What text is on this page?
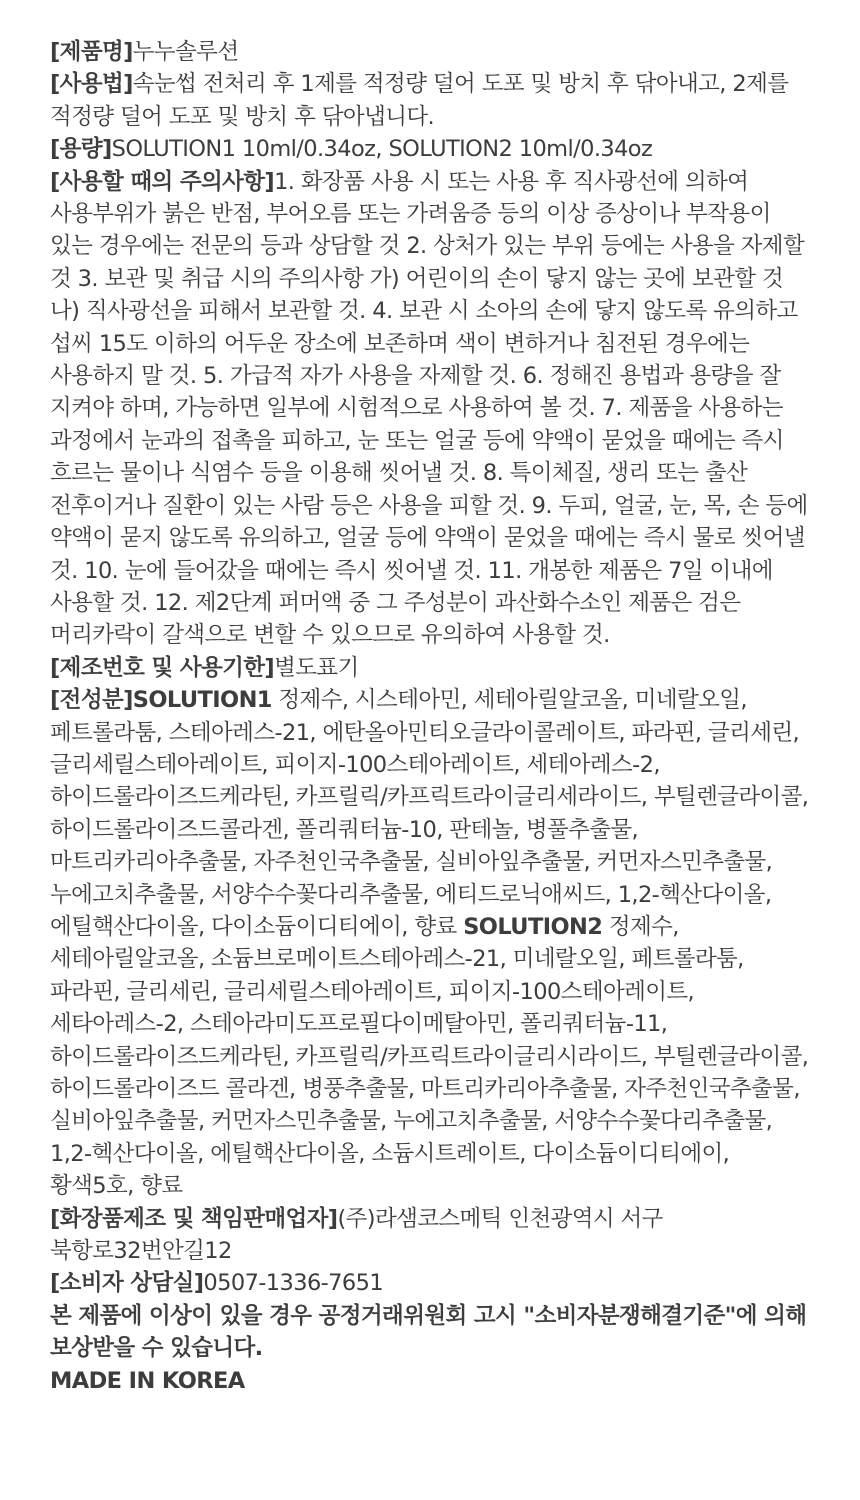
[제품명]누누솔루션

[사용법]속눈썹 전처리 후 1제를 적정량 덜어 도포 및 방치 후 닦아내고, 2제를 적정량 덜어 도포 및 방치 후 닦아냅니다.

[용량]SOLUTION1 10ml/0.34oz, SOLUTION2 10ml/0.34oz

[사용할 때의 주의사항]1. 화장품 사용 시 또는 사용 후 직사광선에 의하여 사용부위가 붉은 반점, 부어오름 또는 가려움증 등의 이상 증상이나 부작용이 있는 경우에는 전문의 등과 상담할 것 2. 상처가 있는 부위 등에는 사용을 자제할 것 3. 보관 및 취급 시의 주의사항 가) 어린이의 손이 닿지 않는 곳에 보관할 것 나) 직사광선을 피해서 보관할 것. 4. 보관 시 소아의 손에 닿지 않도록 유의하고 섭씨 15도 이하의 어두운 장소에 보존하며 색이 변하거나 침전된 경우에는 사용하지 말 것. 5. 가급적 자가 사용을 자제할 것. 6. 정해진 용법과 용량을 잘 지켜야 하며, 가능하면 일부에 시험적으로 사용하여 볼 것. 7. 제품을 사용하는 과정에서 눈과의 접촉을 피하고, 눈 또는 얼굴 등에 약액이 묻었을 때에는 즉시 흐르는 물이나 식염수 등을 이용해 씻어낼 것. 8. 특이체질, 생리 또는 출산 전후이거나 질환이 있는 사람 등은 사용을 피할 것. 9. 두피, 얼굴, 눈, 목, 손 등에 약액이 묻지 않도록 유의하고, 얼굴 등에 약액이 묻었을 때에는 즉시 물로 씻어낼 것. 10. 눈에 들어갔을 때에는 즉시 씻어낼 것. 11. 개봉한 제품은 7일 이내에 사용할 것. 12. 제2단계 퍼머액 중 그 주성분이 과산화수소인 제품은 검은 머리카락이 갈색으로 변할 수 있으므로 유의하여 사용할 것.

[제조번호 및 사용기한]별도표기

[전성분]SOLUTION1 정제수, 시스테아민, 세테아릴알코올, 미네랄오일, 페트롤라툼, 스테아레스-21, 에탄올아민티오글라이콜레이트, 파라핀, 글리세린, 글리세릴스테아레이트, 피이지-100스테아레이트, 세테아레스-2, 하이드롤라이즈드케라틴, 카프릴릭/카프릭트라이글리세라이드, 부틸렌글라이콜, 하이드롤라이즈드콜라겐, 폴리쿼터늄-10, 판테놀, 병풀추출물, 마트리카리아추출물, 자주천인국추출물, 실비아잎추출물, 커먼자스민추출물, 누에고치추출물, 서양수수꽃다리추출물, 에티드로닉애씨드, 1,2-헥산다이올, 에틸핵산다이올, 다이소듐이디티에이, 향료 SOLUTION2 정제수, 세테아릴알코올, 소듐브로메이트스테아레스-21, 미네랄오일, 페트롤라툼, 파라핀, 글리세린, 글리세릴스테아레이트, 피이지-100스테아레이트, 세타아레스-2, 스테아라미도프로필다이메탈아민, 폴리쿼터늄-11, 하이드롤라이즈드케라틴, 카프릴릭/카프릭트라이글리시라이드, 부틸렌글라이콜, 하이드롤라이즈드 콜라겐, 병풍추출물, 마트리카리아추출물, 자주천인국추출물, 실비아잎추출물, 커먼자스민추출물, 누에고치추출물, 서양수수꽃다리추출물, 1,2-헥산다이올, 에틸핵산다이올, 소듐시트레이트, 다이소듐이디티에이, 황색5호, 향료

[화장품제조 및 책임판매업자](주)라샘코스메틱 인천광역시 서구 북항로32번안길12

[소비자 상담실]0507-1336-7651

본 제품에 이상이 있을 경우 공정거래위원회 고시 "소비자분쟁해결기준"에 의해 보상받을 수 있습니다.

MADE IN KOREA
